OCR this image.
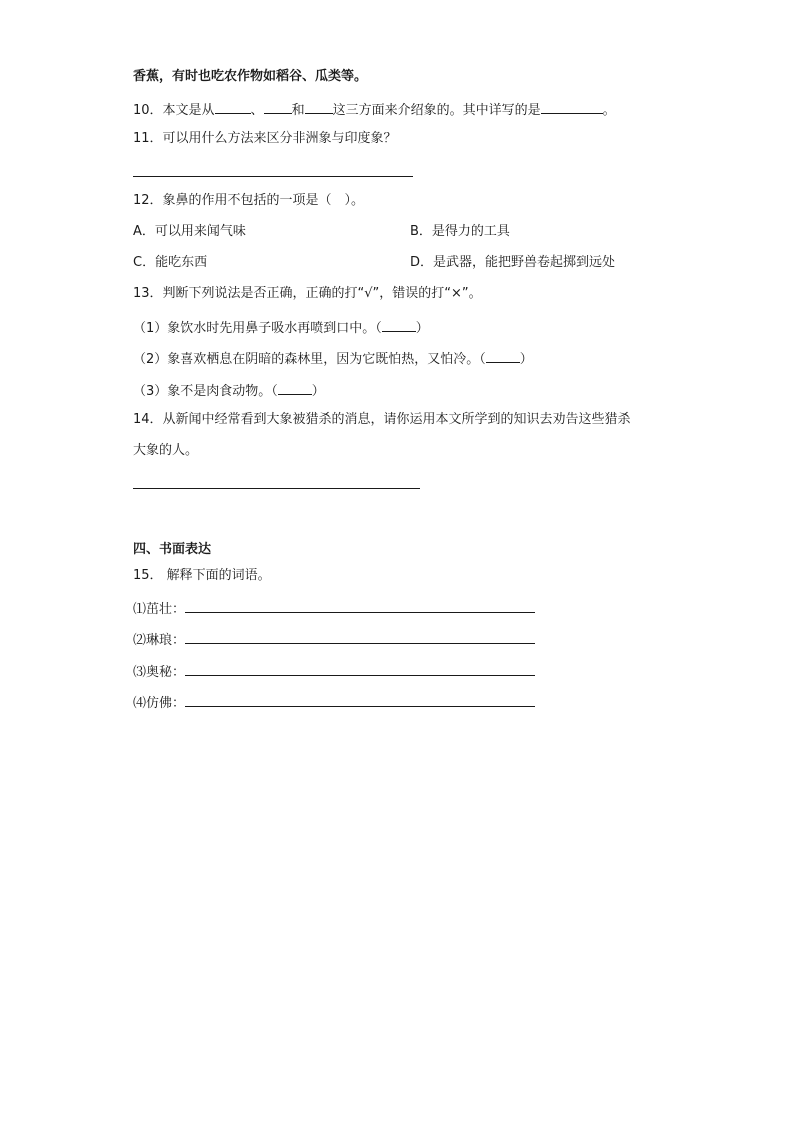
香蕉，有时也吃农作物如稻谷、瓜类等。
10．本文是从	、 和 这三方面来介绍象的。其中详写的是	。
11．可以用什么方法来区分非洲象与印度象？
12．象鼻的作用不包括的一项是（　）。
A．可以用来闻气味	B．是得力的工具
C．能吃东西	D．是武器，能把野兽卷起掷到远处
13．判断下列说法是否正确，正确的打“√”，错误的打“×”。
（1）象饮水时先用鼻子吸水再喷到口中。（	）
（2）象喜欢栖息在阴暗的森林里，因为它既怕热，又怕冷。（	）
（3）象不是肉食动物。（	）
14．从新闻中经常看到大象被猎杀的消息，请你运用本文所学到的知识去劝告这些猎杀
大象的人。
四、书面表达
15． 解释下面的词语。
⑴茁壮：
⑵琳琅：
⑶奥秘：
⑷仿佛：
